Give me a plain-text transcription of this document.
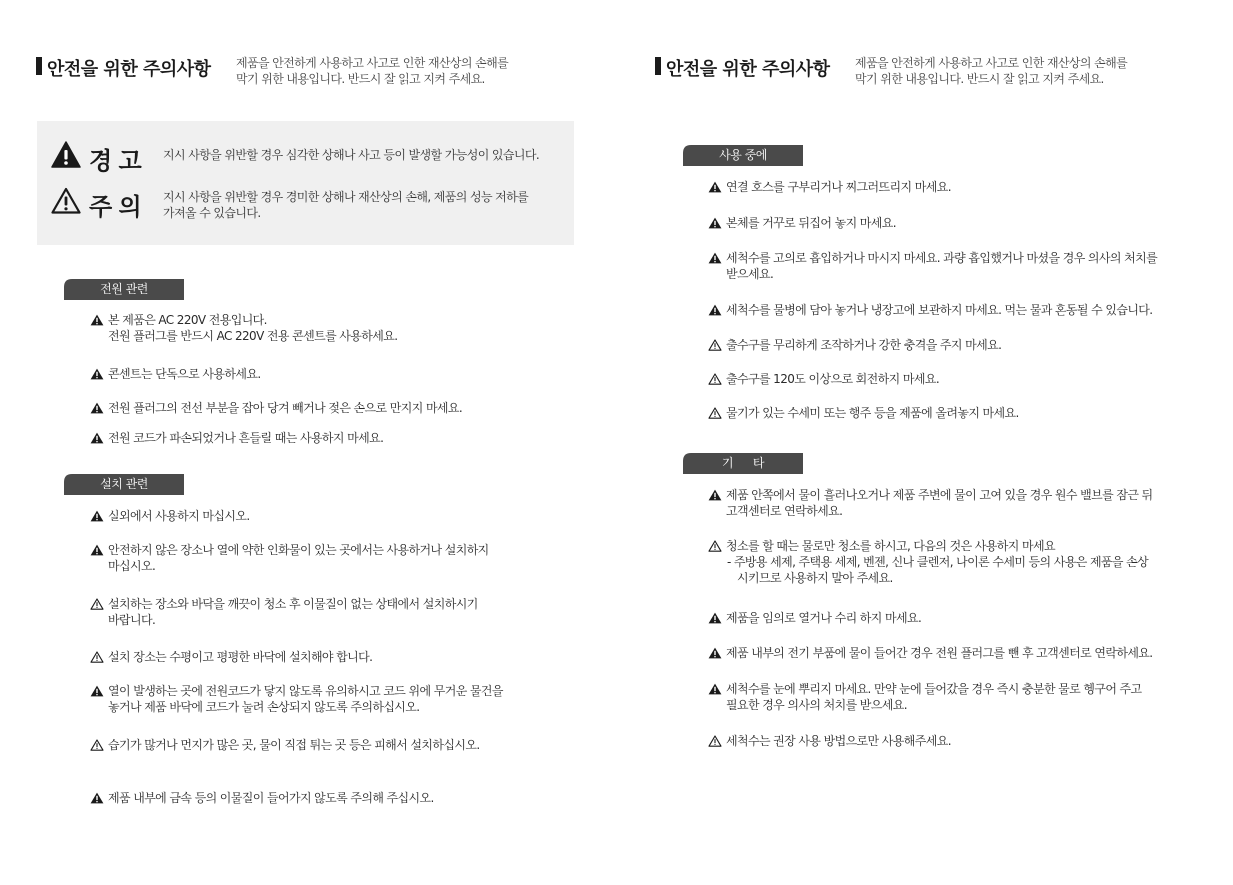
안전을 위한 주의사항 제품을 안전하게 사용하고 사고로 인한 재산상의 손해를
막기 위한 내용입니다. 반드시 잘 읽고 지켜 주세요.
경 고 지시 사항을 위반할 경우 심각한 상해나 사고 등이 발생할 가능성이 있습니다.
주 의 지시 사항을 위반할 경우 경미한 상해나 재산상의 손해, 제품의 성능 저하를
가져올 수 있습니다.
전원 관련
본 제품은 AC 220V 전용입니다.
전원 플러그를 반드시 AC 220V 전용 콘센트를 사용하세요.
콘센트는 단독으로 사용하세요.
전원 플러그의 전선 부분을 잡아 당겨 빼거나 젖은 손으로 만지지 마세요.
전원 코드가 파손되었거나 흔들릴 때는 사용하지 마세요.
설치 관련
실외에서 사용하지 마십시오.
안전하지 않은 장소나 열에 약한 인화물이 있는 곳에서는 사용하거나 설치하지
마십시오.
설치하는 장소와 바닥을 깨끗이 청소 후 이물질이 없는 상태에서 설치하시기
바랍니다.
설치 장소는 수평이고 평평한 바닥에 설치해야 합니다.
열이 발생하는 곳에 전원코드가 닿지 않도록 유의하시고 코드 위에 무거운 물건을
놓거나 제품 바닥에 코드가 눌려 손상되지 않도록 주의하십시오.
습기가 많거나 먼지가 많은 곳, 물이 직접 튀는 곳 등은 피해서 설치하십시오.
제품 내부에 금속 등의 이물질이 들어가지 않도록 주의해 주십시오.
안전을 위한 주의사항 제품을 안전하게 사용하고 사고로 인한 재산상의 손해를
막기 위한 내용입니다. 반드시 잘 읽고 지켜 주세요.
사용 중에
연결 호스를 구부리거나 찌그러뜨리지 마세요.
본체를 거꾸로 뒤집어 놓지 마세요.
세척수를 고의로 흡입하거나 마시지 마세요. 과량 흡입했거나 마셨을 경우 의사의 처치를
받으세요.
세척수를 물병에 담아 놓거나 냉장고에 보관하지 마세요. 먹는 물과 혼동될 수 있습니다.
출수구를 무리하게 조작하거나 강한 충격을 주지 마세요.
출수구를 120도 이상으로 회전하지 마세요.
물기가 있는 수세미 또는 행주 등을 제품에 올려놓지 마세요.
기      타
제품 안쪽에서 물이 흘러나오거나 제품 주변에 물이 고여 있을 경우 원수 밸브를 잠근 뒤
고객센터로 연락하세요.
청소를 할 때는 물로만 청소를 하시고, 다음의 것은 사용하지 마세요
- 주방용 세제, 주택용 세제, 벤젠, 신나 클렌저, 나이론 수세미 등의 사용은 제품을 손상
시키므로 사용하지 말아 주세요.
제품을 임의로 열거나 수리 하지 마세요.
제품 내부의 전기 부품에 물이 들어간 경우 전원 플러그를 뺀 후 고객센터로 연락하세요.
세척수를 눈에 뿌리지 마세요. 만약 눈에 들어갔을 경우 즉시 충분한 물로 헹구어 주고
필요한 경우 의사의 처치를 받으세요.
세척수는 권장 사용 방법으로만 사용해주세요.
